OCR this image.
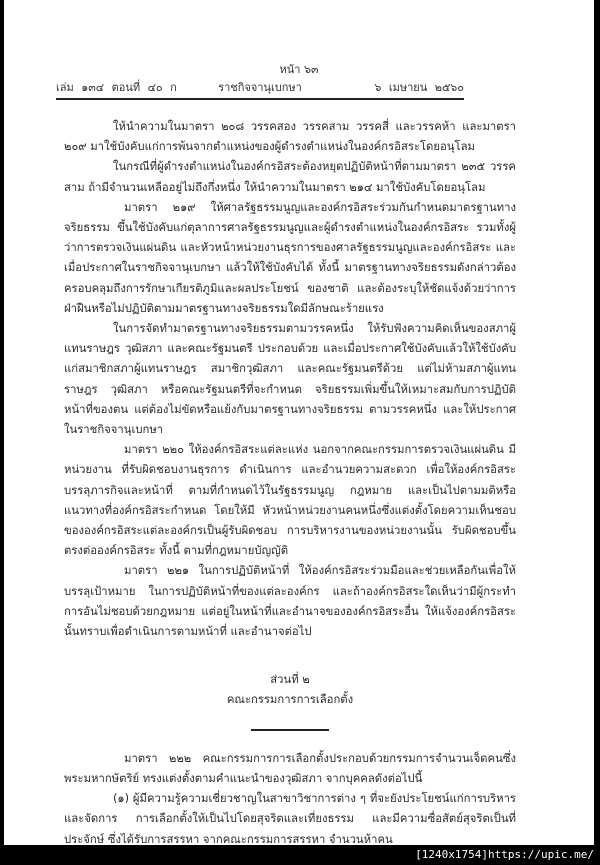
หน้า ๖๓
เล่ม ๑๓๔ ตอนที่ ๔๐ ก	ราชกิจจานุเบกษา	๖ เมษายน ๒๕๖๐

ให้นำความในมาตรา ๒๐๘ วรรคสอง วรรคสาม วรรคสี่ และวรรคห้า และมาตรา ๒๐๙ มาใช้บังคับแก่การพ้นจากตำแหน่งของผู้ดำรงตำแหน่งในองค์กรอิสระโดยอนุโลม

ในกรณีที่ผู้ดำรงตำแหน่งในองค์กรอิสระต้องหยุดปฏิบัติหน้าที่ตามมาตรา ๒๓๕ วรรคสาม ถ้ามีจำนวนเหลืออยู่ไม่ถึงกึ่งหนึ่ง ให้นำความในมาตรา ๒๑๔ มาใช้บังคับโดยอนุโลม

มาตรา ๒๑๙ ให้ศาลรัฐธรรมนูญและองค์กรอิสระร่วมกันกำหนดมาตรฐานทางจริยธรรม ขึ้นใช้บังคับแก่ตุลาการศาลรัฐธรรมนูญและผู้ดำรงตำแหน่งในองค์กรอิสระ รวมทั้งผู้ว่าการตรวจเงินแผ่นดิน และหัวหน้าหน่วยงานธุรการของศาลรัฐธรรมนูญและองค์กรอิสระ และเมื่อประกาศในราชกิจจานุเบกษา แล้วให้ใช้บังคับได้ ทั้งนี้ มาตรฐานทางจริยธรรมดังกล่าวต้องครอบคลุมถึงการรักษาเกียรติภูมิและผลประโยชน์ ของชาติ และต้องระบุให้ชัดแจ้งด้วยว่าการฝ่าฝืนหรือไม่ปฏิบัติตามมาตรฐานทางจริยธรรมใดมีลักษณะร้ายแรง

ในการจัดทำมาตรฐานทางจริยธรรมตามวรรคหนึ่ง ให้รับฟังความคิดเห็นของสภาผู้แทนราษฎร วุฒิสภา และคณะรัฐมนตรี ประกอบด้วย และเมื่อประกาศใช้บังคับแล้วให้ใช้บังคับแก่สมาชิกสภาผู้แทนราษฎร สมาชิกวุฒิสภา และคณะรัฐมนตรีด้วย แต่ไม่ห้ามสภาผู้แทนราษฎร วุฒิสภา หรือคณะรัฐมนตรีที่จะกำหนด จริยธรรมเพิ่มขึ้นให้เหมาะสมกับการปฏิบัติหน้าที่ของตน แต่ต้องไม่ขัดหรือแย้งกับมาตรฐานทางจริยธรรม ตามวรรคหนึ่ง และให้ประกาศในราชกิจจานุเบกษา

มาตรา ๒๒๐ ให้องค์กรอิสระแต่ละแห่ง นอกจากคณะกรรมการตรวจเงินแผ่นดิน มีหน่วยงาน ที่รับผิดชอบงานธุรการ ดำเนินการ และอำนวยความสะดวก เพื่อให้องค์กรอิสระบรรลุภารกิจและหน้าที่ ตามที่กำหนดไว้ในรัฐธรรมนูญ กฎหมาย และเป็นไปตามมติหรือแนวทางที่องค์กรอิสระกำหนด โดยให้มี หัวหน้าหน่วยงานคนหนึ่งซึ่งแต่งตั้งโดยความเห็นชอบขององค์กรอิสระแต่ละองค์กรเป็นผู้รับผิดชอบ การบริหารงานของหน่วยงานนั้น รับผิดชอบขึ้นตรงต่อองค์กรอิสระ ทั้งนี้ ตามที่กฎหมายบัญญัติ

มาตรา ๒๒๑ ในการปฏิบัติหน้าที่ ให้องค์กรอิสระร่วมมือและช่วยเหลือกันเพื่อให้บรรลุเป้าหมาย ในการปฏิบัติหน้าที่ของแต่ละองค์กร และถ้าองค์กรอิสระใดเห็นว่ามีผู้กระทำการอันไม่ชอบด้วยกฎหมาย แต่อยู่ในหน้าที่และอำนาจขององค์กรอิสระอื่น ให้แจ้งองค์กรอิสระนั้นทราบเพื่อดำเนินการตามหน้าที่ และอำนาจต่อไป

ส่วนที่ ๒
คณะกรรมการการเลือกตั้ง

มาตรา ๒๒๒ คณะกรรมการการเลือกตั้งประกอบด้วยกรรมการจำนวนเจ็ดคนซึ่งพระมหากษัตริย์ ทรงแต่งตั้งตามคำแนะนำของวุฒิสภา จากบุคคลดังต่อไปนี้

(๑) ผู้มีความรู้ความเชี่ยวชาญในสาขาวิชาการต่าง ๆ ที่จะยังประโยชน์แก่การบริหารและจัดการ การเลือกตั้งให้เป็นไปโดยสุจริตและเที่ยงธรรม และมีความซื่อสัตย์สุจริตเป็นที่ประจักษ์ ซึ่งได้รับการสรรหา จากคณะกรรมการสรรหา จำนวนห้าคน

[1240x1754]https://upic.me/
